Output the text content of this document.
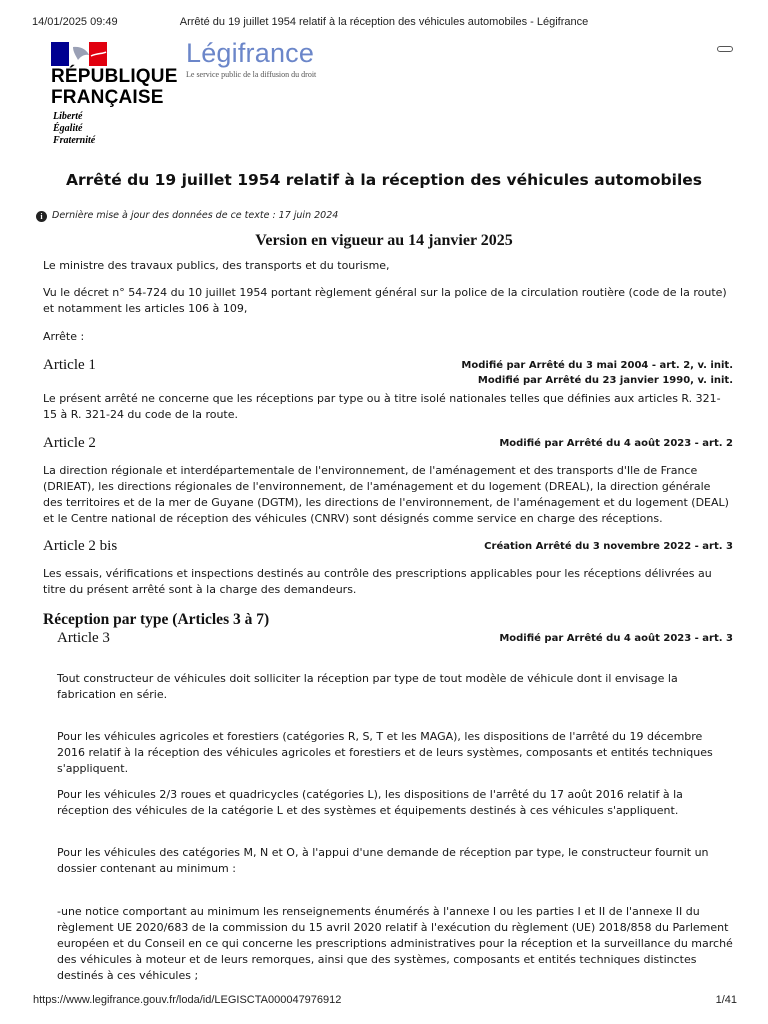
14/01/2025 09:49	Arrêté du 19 juillet 1954 relatif à la réception des véhicules automobiles - Légifrance
RÉPUBLIQUE
FRANÇAISE
Liberté
Égalité
Fraternité
Légifrance
Le service public de la diffusion du droit
Arrêté du 19 juillet 1954 relatif à la réception des véhicules automobiles
i Dernière mise à jour des données de ce texte : 17 juin 2024
Version en vigueur au 14 janvier 2025
Le ministre des travaux publics, des transports et du tourisme,
Vu le décret n° 54-724 du 10 juillet 1954 portant règlement général sur la police de la circulation routière (code de la route) et notamment les articles 106 à 109,
Arrête :
Article 1	Modifié par Arrêté du 3 mai 2004 - art. 2, v. init.
Modifié par Arrêté du 23 janvier 1990, v. init.
Le présent arrêté ne concerne que les réceptions par type ou à titre isolé nationales telles que définies aux articles R. 321-15 à R. 321-24 du code de la route.
Article 2	Modifié par Arrêté du 4 août 2023 - art. 2
La direction régionale et interdépartementale de l'environnement, de l'aménagement et des transports d'Ile de France (DRIEAT), les directions régionales de l'environnement, de l'aménagement et du logement (DREAL), la direction générale des territoires et de la mer de Guyane (DGTM), les directions de l'environnement, de l'aménagement et du logement (DEAL) et le Centre national de réception des véhicules (CNRV) sont désignés comme service en charge des réceptions.
Article 2 bis	Création Arrêté du 3 novembre 2022 - art. 3
Les essais, vérifications et inspections destinés au contrôle des prescriptions applicables pour les réceptions délivrées au titre du présent arrêté sont à la charge des demandeurs.
Réception par type (Articles 3 à 7)
Article 3	Modifié par Arrêté du 4 août 2023 - art. 3
Tout constructeur de véhicules doit solliciter la réception par type de tout modèle de véhicule dont il envisage la fabrication en série.
Pour les véhicules agricoles et forestiers (catégories R, S, T et les MAGA), les dispositions de l'arrêté du 19 décembre 2016 relatif à la réception des véhicules agricoles et forestiers et de leurs systèmes, composants et entités techniques s'appliquent.
Pour les véhicules 2/3 roues et quadricycles (catégories L), les dispositions de l'arrêté du 17 août 2016 relatif à la réception des véhicules de la catégorie L et des systèmes et équipements destinés à ces véhicules s'appliquent.
Pour les véhicules des catégories M, N et O, à l'appui d'une demande de réception par type, le constructeur fournit un dossier contenant au minimum :
-une notice comportant au minimum les renseignements énumérés à l'annexe I ou les parties I et II de l'annexe II du règlement UE 2020/683 de la commission du 15 avril 2020 relatif à l'exécution du règlement (UE) 2018/858 du Parlement européen et du Conseil en ce qui concerne les prescriptions administratives pour la réception et la surveillance du marché des véhicules à moteur et de leurs remorques, ainsi que des systèmes, composants et entités techniques distinctes destinés à ces véhicules ;
https://www.legifrance.gouv.fr/loda/id/LEGISCTA000047976912	1/41
